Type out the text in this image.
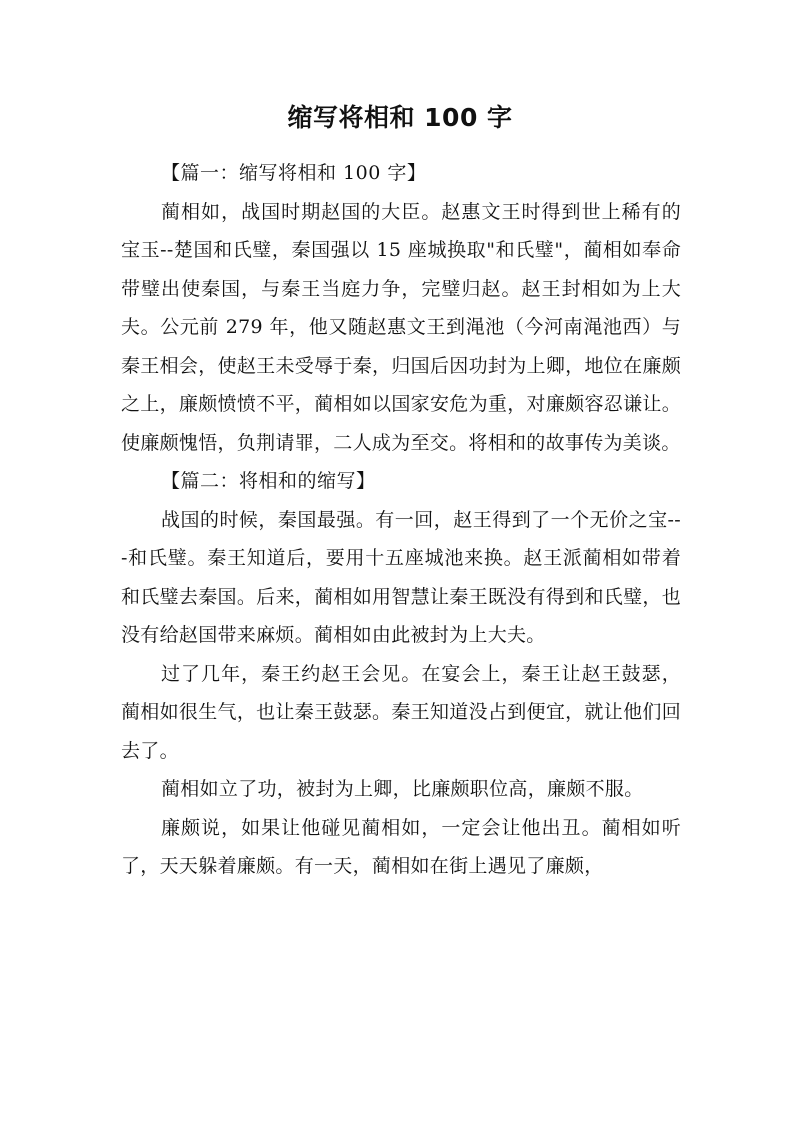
缩写将相和 100 字

【篇一：缩写将相和 100 字】

蔺相如，战国时期赵国的大臣。赵惠文王时得到世上稀有的宝玉--楚国和氏璧，秦国强以 15 座城换取"和氏璧"，蔺相如奉命带璧出使秦国，与秦王当庭力争，完璧归赵。赵王封相如为上大夫。公元前 279 年，他又随赵惠文王到渑池（今河南渑池西）与秦王相会，使赵王未受辱于秦，归国后因功封为上卿，地位在廉颇之上，廉颇愤愤不平，蔺相如以国家安危为重，对廉颇容忍谦让。使廉颇愧悟，负荆请罪，二人成为至交。将相和的故事传为美谈。

【篇二：将相和的缩写】

战国的时候，秦国最强。有一回，赵王得到了一个无价之宝---和氏璧。秦王知道后，要用十五座城池来换。赵王派蔺相如带着和氏璧去秦国。后来，蔺相如用智慧让秦王既没有得到和氏璧，也没有给赵国带来麻烦。蔺相如由此被封为上大夫。

过了几年，秦王约赵王会见。在宴会上，秦王让赵王鼓瑟，蔺相如很生气，也让秦王鼓瑟。秦王知道没占到便宜，就让他们回去了。

蔺相如立了功，被封为上卿，比廉颇职位高，廉颇不服。

廉颇说，如果让他碰见蔺相如，一定会让他出丑。蔺相如听了，天天躲着廉颇。有一天，蔺相如在街上遇见了廉颇，
